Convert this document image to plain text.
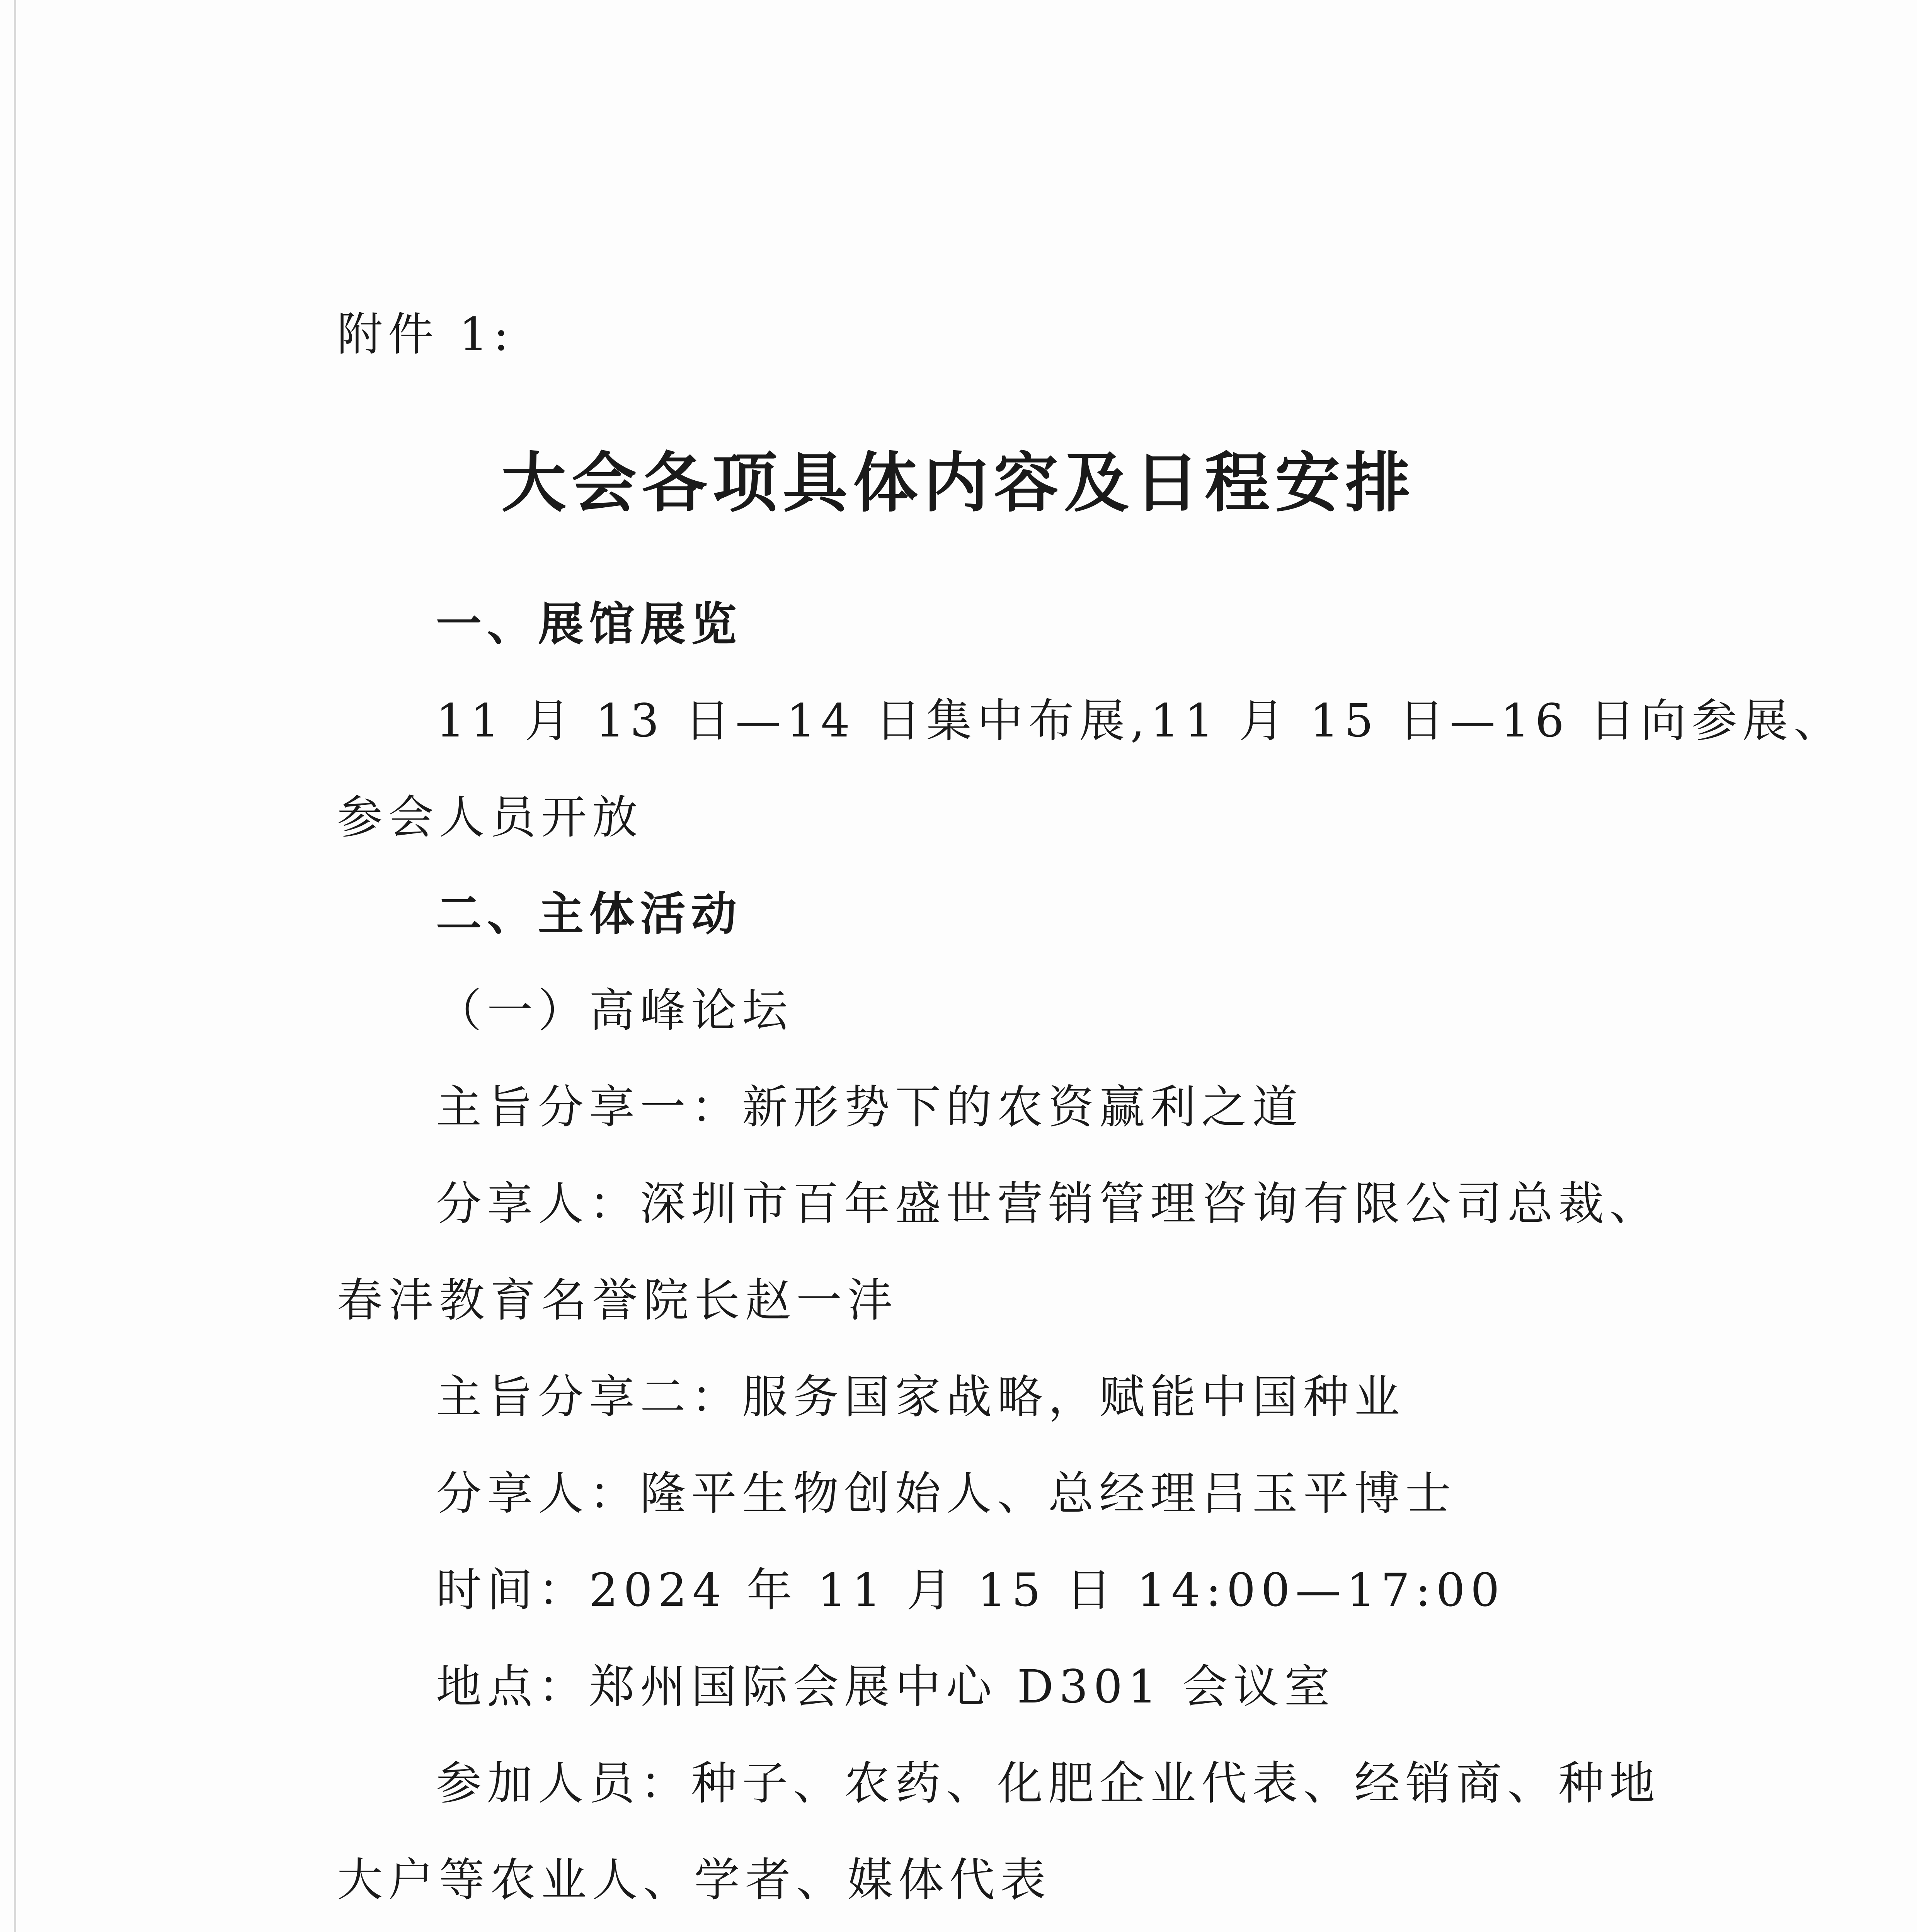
附件 1:
大会各项具体内容及日程安排
一、展馆展览
11 月 13 日—14 日集中布展,11 月 15 日—16 日向参展、
参会人员开放
二、主体活动
（一）高峰论坛
主旨分享一：新形势下的农资赢利之道
分享人：深圳市百年盛世营销管理咨询有限公司总裁、
春沣教育名誉院长赵一沣
主旨分享二：服务国家战略，赋能中国种业
分享人：隆平生物创始人、总经理吕玉平博士
时间：2024 年 11 月 15 日 14:00—17:00
地点：郑州国际会展中心 D301 会议室
参加人员：种子、农药、化肥企业代表、经销商、种地
大户等农业人、学者、媒体代表
